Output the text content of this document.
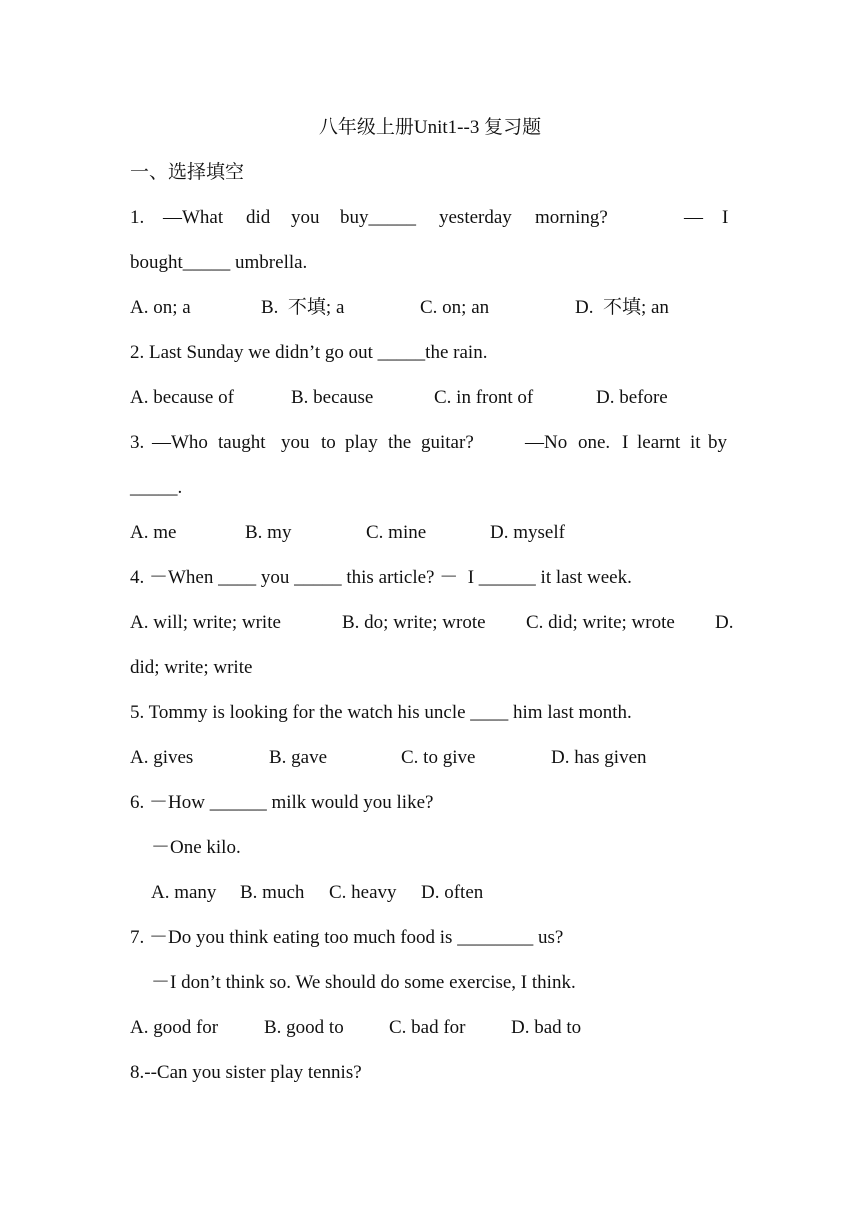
八年级上册Unit1--3 复习题
一、选择填空
1. —What did you buy_____ yesterday morning?	— I
bought_____ umbrella.
A. on; a	B.  不填; a	C. on; an	D.  不填; an
2. Last Sunday we didn’t go out _____the rain.
A. because of	B. because	C. in front of	D. before
3. —Who taught you to play the guitar?	—No one. I learnt it by
_____.
A. me	B. my	C. mine	D. myself
4. －When ____ you _____ this article? －  I ______ it last week.
A. will; write; write	B. do; write; wrote C. did; write; wrote D.
did; write; write
5. Tommy is looking for the watch his uncle ____ him last month.
A. gives	B. gave	C. to give	D. has given
6. －How ______ milk would you like?
－One kilo.
A. many B. much C. heavy D. often
7. －Do you think eating too much food is ________ us?
－I don’t think so. We should do some exercise, I think.
A. good for B. good to C. bad for D. bad to
8.--Can you sister play tennis?
